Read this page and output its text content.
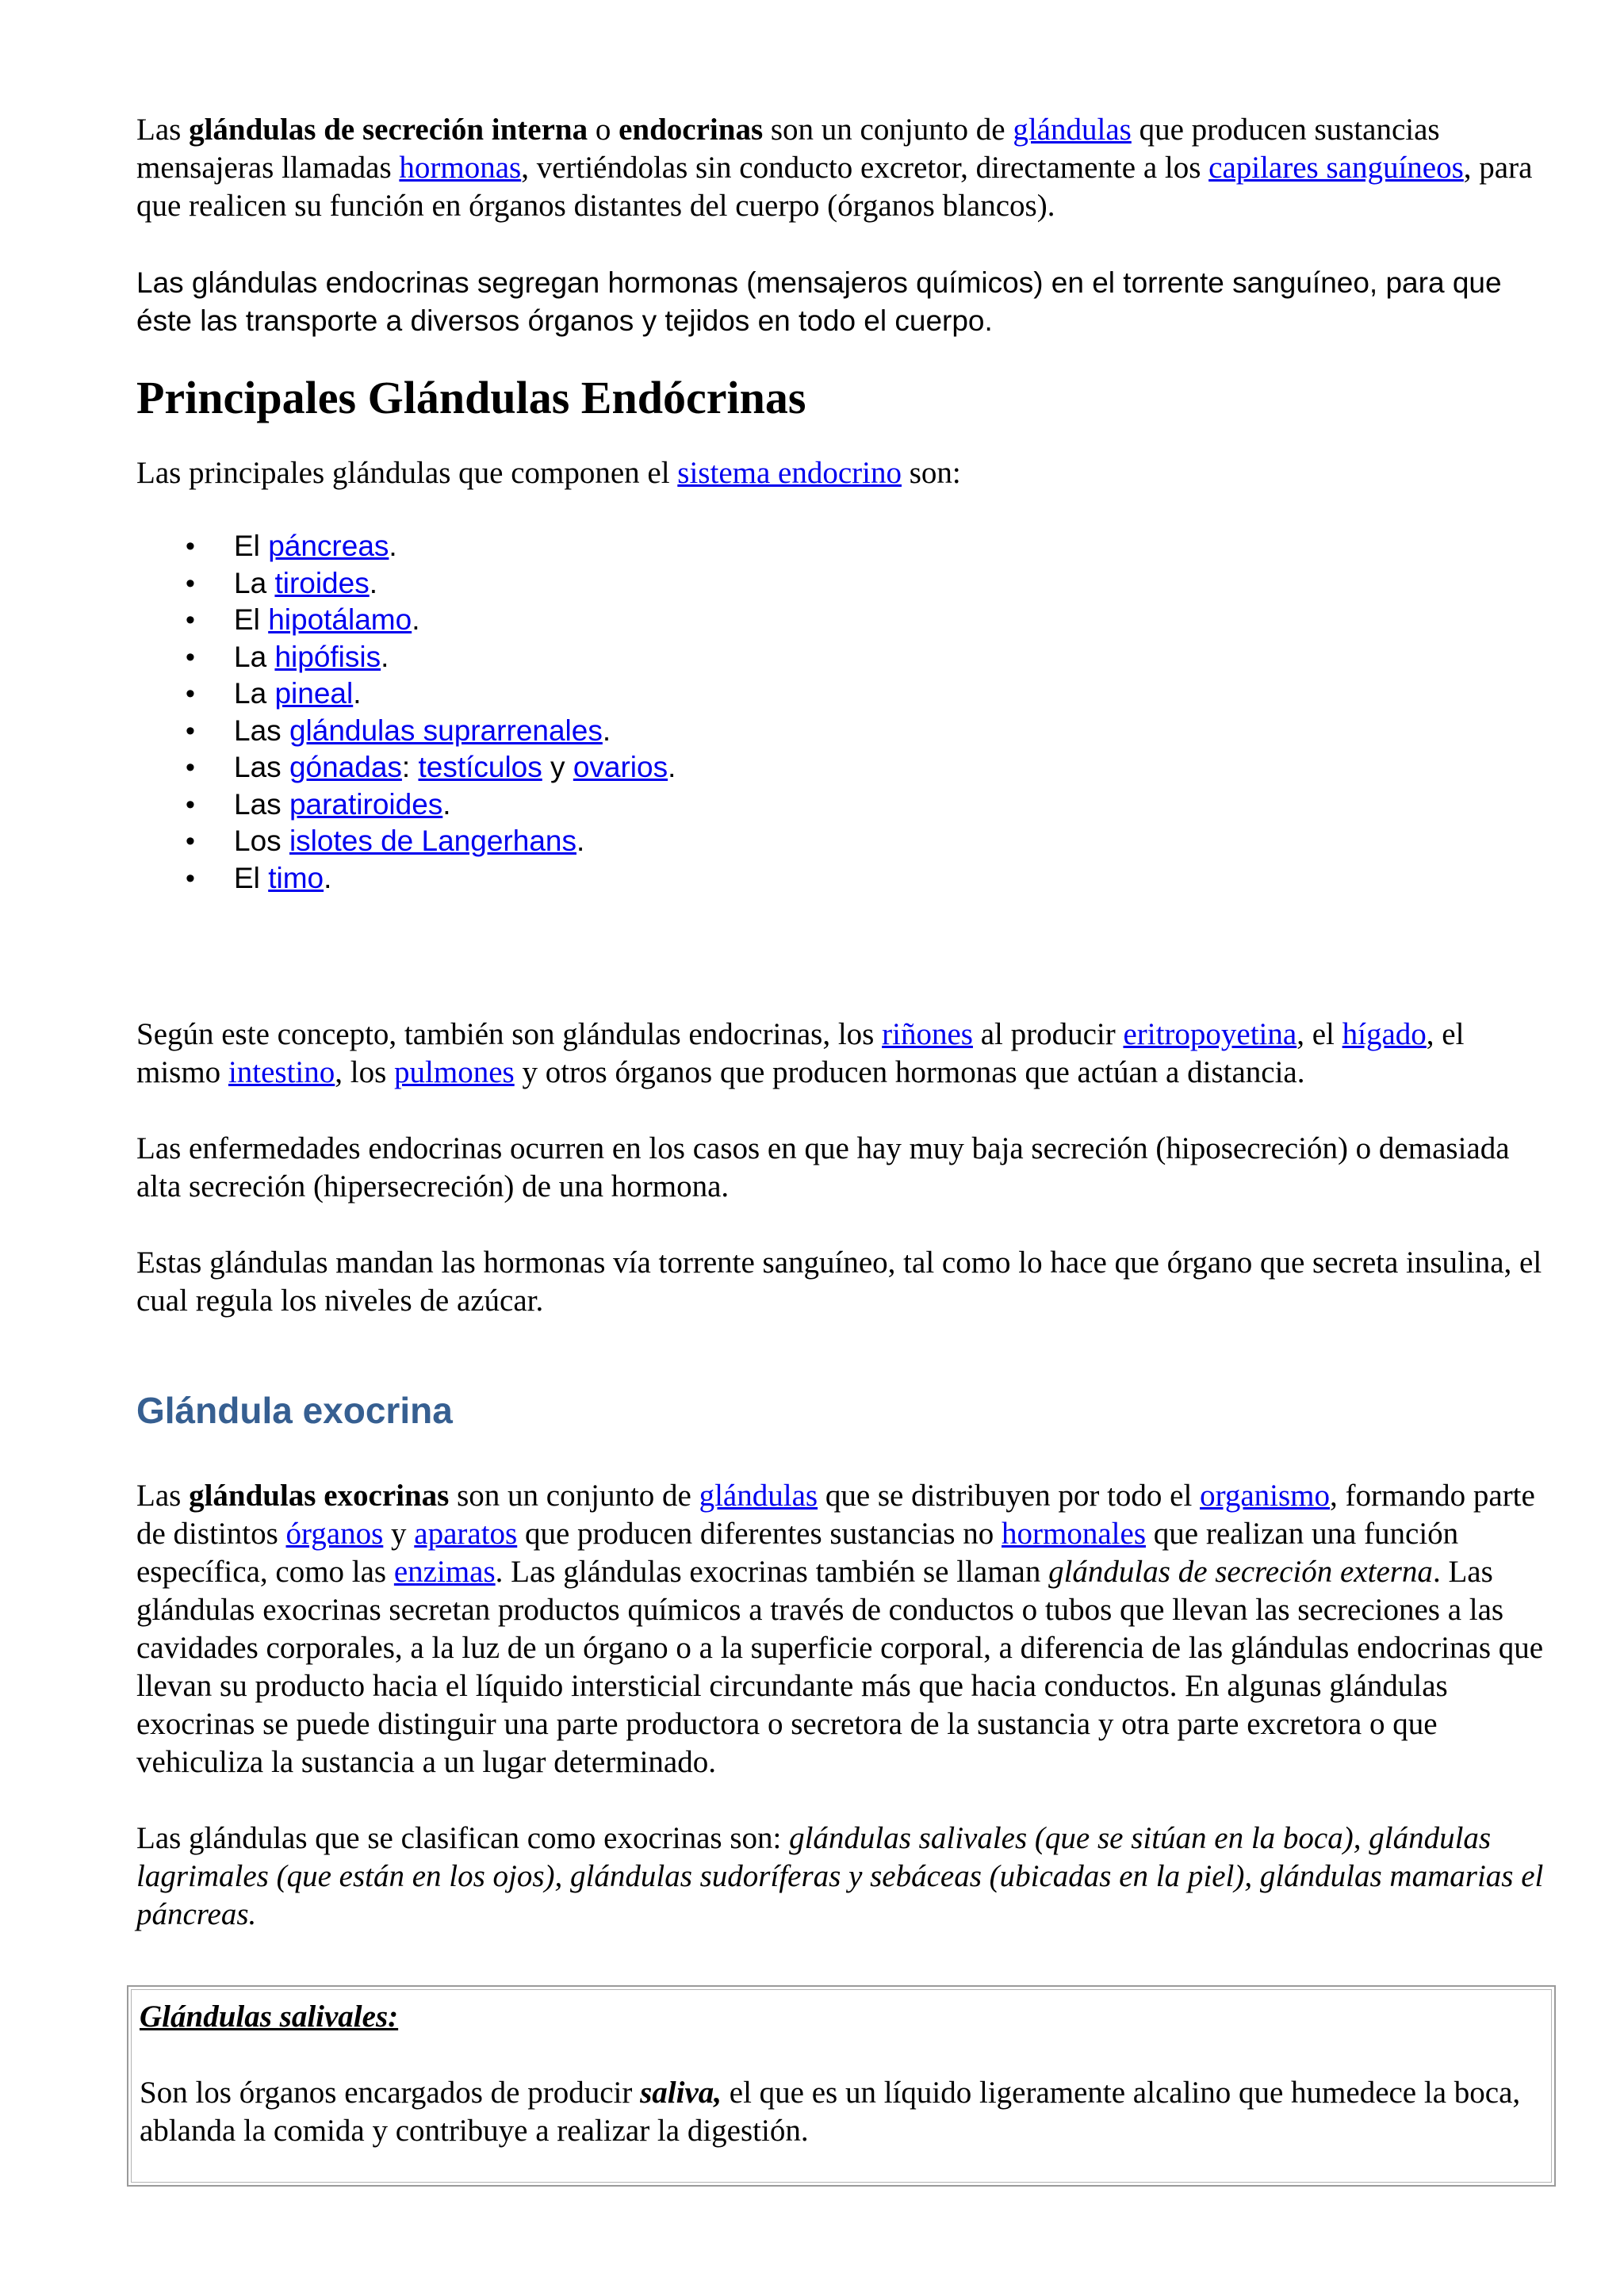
Las glándulas de secreción interna o endocrinas son un conjunto de glándulas que producen sustancias mensajeras llamadas hormonas, vertiéndolas sin conducto excretor, directamente a los capilares sanguíneos, para que realicen su función en órganos distantes del cuerpo (órganos blancos).

Las glándulas endocrinas segregan hormonas (mensajeros químicos) en el torrente sanguíneo, para que éste las transporte a diversos órganos y tejidos en todo el cuerpo.

Principales Glándulas Endócrinas

Las principales glándulas que componen el sistema endocrino son:

• El páncreas.
• La tiroides.
• El hipotálamo.
• La hipófisis.
• La pineal.
• Las glándulas suprarrenales.
• Las gónadas: testículos y ovarios.
• Las paratiroides.
• Los islotes de Langerhans.
• El timo.

Según este concepto, también son glándulas endocrinas, los riñones al producir eritropoyetina, el hígado, el mismo intestino, los pulmones y otros órganos que producen hormonas que actúan a distancia.

Las enfermedades endocrinas ocurren en los casos en que hay muy baja secreción (hiposecreción) o demasiada alta secreción (hipersecreción) de una hormona.

Estas glándulas mandan las hormonas vía torrente sanguíneo, tal como lo hace que órgano que secreta insulina, el cual regula los niveles de azúcar.

Glándula exocrina

Las glándulas exocrinas son un conjunto de glándulas que se distribuyen por todo el organismo, formando parte de distintos órganos y aparatos que producen diferentes sustancias no hormonales que realizan una función específica, como las enzimas. Las glándulas exocrinas también se llaman glándulas de secreción externa. Las glándulas exocrinas secretan productos químicos a través de conductos o tubos que llevan las secreciones a las cavidades corporales, a la luz de un órgano o a la superficie corporal, a diferencia de las glándulas endocrinas que llevan su producto hacia el líquido intersticial circundante más que hacia conductos. En algunas glándulas exocrinas se puede distinguir una parte productora o secretora de la sustancia y otra parte excretora o que vehiculiza la sustancia a un lugar determinado.

Las glándulas que se clasifican como exocrinas son: glándulas salivales (que se sitúan en la boca), glándulas lagrimales (que están en los ojos), glándulas sudoríferas y sebáceas (ubicadas en la piel), glándulas mamarias el páncreas.

Glándulas salivales:

Son los órganos encargados de producir saliva, el que es un líquido ligeramente alcalino que humedece la boca, ablanda la comida y contribuye a realizar la digestión.
